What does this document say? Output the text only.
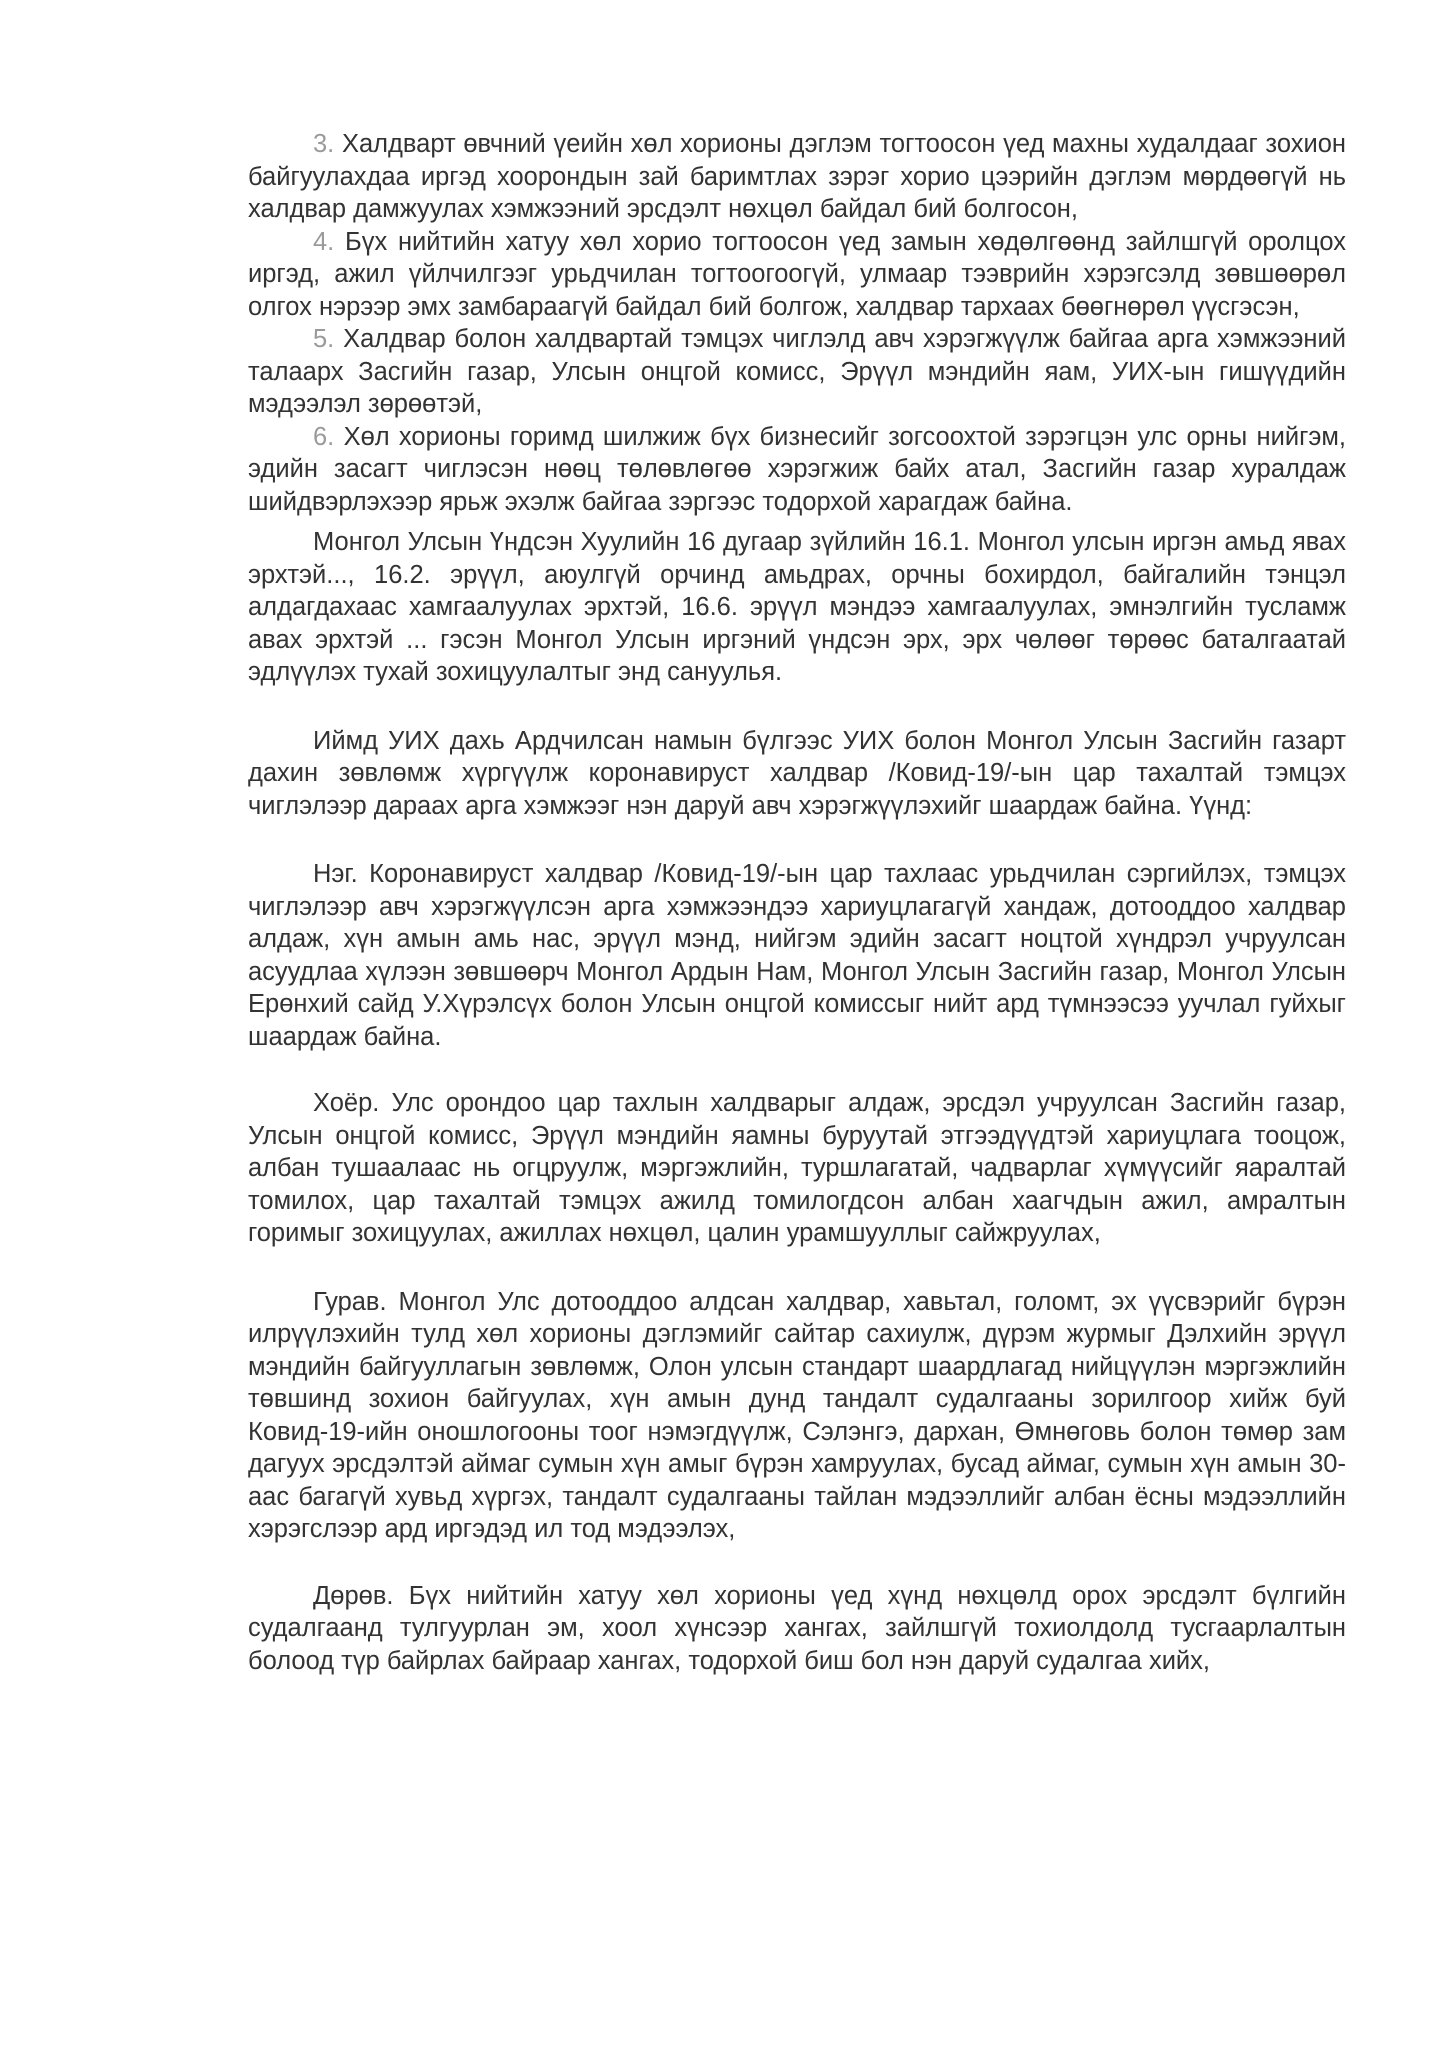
3. Халдварт өвчний үеийн хөл хорионы дэглэм тогтоосон үед махны худалдааг зохион байгуулахдаа иргэд хоорондын зай баримтлах зэрэг хорио цээрийн дэглэм мөрдөөгүй нь халдвар дамжуулах хэмжээний эрсдэлт нөхцөл байдал бий болгосон,

4. Бүх нийтийн хатуу хөл хорио тогтоосон үед замын хөдөлгөөнд зайлшгүй оролцох иргэд, ажил үйлчилгээг урьдчилан тогтоогоогүй, улмаар тээврийн хэрэгсэлд зөвшөөрөл олгох нэрээр эмх замбараагүй байдал бий болгож, халдвар тархаах бөөгнөрөл үүсгэсэн,

5. Халдвар болон халдвартай тэмцэх чиглэлд авч хэрэгжүүлж байгаа арга хэмжээний талаарх Засгийн газар, Улсын онцгой комисс, Эрүүл мэндийн яам, УИХ-ын гишүүдийн мэдээлэл зөрөөтэй,

6. Хөл хорионы горимд шилжиж бүх бизнесийг зогсоохтой зэрэгцэн улс орны нийгэм, эдийн засагт чиглэсэн нөөц төлөвлөгөө хэрэгжиж байх атал, Засгийн газар хуралдаж шийдвэрлэхээр ярьж эхэлж байгаа зэргээс тодорхой харагдаж байна.

Монгол Улсын Үндсэн Хуулийн 16 дугаар зүйлийн 16.1. Монгол улсын иргэн амьд явах эрхтэй..., 16.2. эрүүл, аюулгүй орчинд амьдрах, орчны бохирдол, байгалийн тэнцэл алдагдахаас хамгаалуулах эрхтэй, 16.6. эрүүл мэндээ хамгаалуулах, эмнэлгийн тусламж авах эрхтэй ... гэсэн Монгол Улсын иргэний үндсэн эрх, эрх чөлөөг төрөөс баталгаатай эдлүүлэх тухай зохицуулалтыг энд сануулья.

Иймд УИХ дахь Ардчилсан намын бүлгээс УИХ болон Монгол Улсын Засгийн газарт дахин зөвлөмж хүргүүлж коронавируст халдвар /Ковид-19/-ын цар тахалтай тэмцэх чиглэлээр дараах арга хэмжээг нэн даруй авч хэрэгжүүлэхийг шаардаж байна. Үүнд:

Нэг. Коронавируст халдвар /Ковид-19/-ын цар тахлаас урьдчилан сэргийлэх, тэмцэх чиглэлээр авч хэрэгжүүлсэн арга хэмжээндээ хариуцлагагүй хандаж, дотооддоо халдвар алдаж, хүн амын амь нас, эрүүл мэнд, нийгэм эдийн засагт ноцтой хүндрэл учруулсан асуудлаа хүлээн зөвшөөрч Монгол Ардын Нам, Монгол Улсын Засгийн газар, Монгол Улсын Ерөнхий сайд У.Хүрэлсүх болон Улсын онцгой комиссыг нийт ард түмнээсээ уучлал гуйхыг шаардаж байна.

Хоёр. Улс орондоо цар тахлын халдварыг алдаж, эрсдэл учруулсан Засгийн газар, Улсын онцгой комисс, Эрүүл мэндийн яамны буруутай этгээдүүдтэй хариуцлага тооцож, албан тушаалаас нь огцруулж, мэргэжлийн, туршлагатай, чадварлаг хүмүүсийг яаралтай томилох, цар тахалтай тэмцэх ажилд томилогдсон албан хаагчдын ажил, амралтын горимыг зохицуулах, ажиллах нөхцөл, цалин урамшууллыг сайжруулах,

Гурав. Монгол Улс дотооддоо алдсан халдвар, хавьтал, голомт, эх үүсвэрийг бүрэн илрүүлэхийн тулд хөл хорионы дэглэмийг сайтар сахиулж, дүрэм журмыг Дэлхийн эрүүл мэндийн байгууллагын зөвлөмж, Олон улсын стандарт шаардлагад нийцүүлэн мэргэжлийн төвшинд зохион байгуулах, хүн амын дунд тандалт судалгааны зорилгоор хийж буй Ковид-19-ийн оношлогооны тоог нэмэгдүүлж, Сэлэнгэ, дархан, Өмнөговь болон төмөр зам дагуух эрсдэлтэй аймаг сумын хүн амыг бүрэн хамруулах, бусад аймаг, сумын хүн амын 30-аас багагүй хувьд хүргэх, тандалт судалгааны тайлан мэдээллийг албан ёсны мэдээллийн хэрэгслээр ард иргэдэд ил тод мэдээлэх,

Дөрөв. Бүх нийтийн хатуу хөл хорионы үед хүнд нөхцөлд орох эрсдэлт бүлгийн судалгаанд тулгуурлан эм, хоол хүнсээр хангах, зайлшгүй тохиолдолд тусгаарлалтын болоод түр байрлах байраар хангах, тодорхой биш бол нэн даруй судалгаа хийх,
